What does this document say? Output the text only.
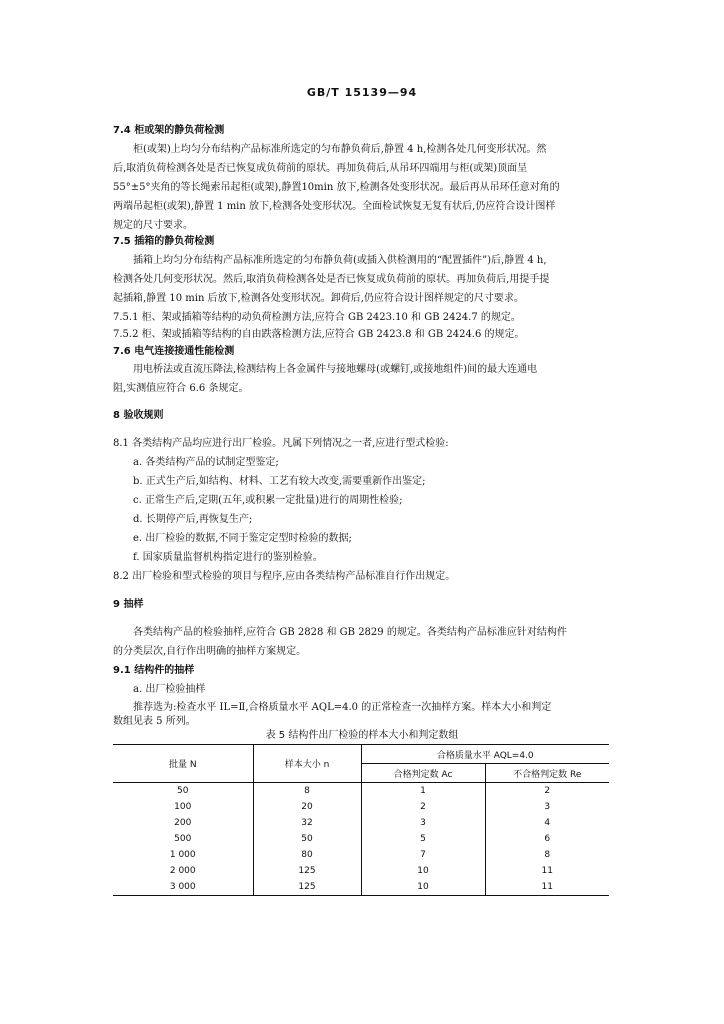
GB/T 15139—94
7.4 柜或架的静负荷检测
柜(或架)上均匀分布结构产品标准所选定的匀布静负荷后,静置 4 h,检测各处几何变形状况。然
后,取消负荷检测各处是否已恢复成负荷前的原状。再加负荷后,从吊环四端用与柜(或架)顶面呈
55°±5°夹角的等长绳索吊起柜(或架),静置10min 放下,检测各处变形状况。最后再从吊环任意对角的
两端吊起柜(或架),静置 1 min 放下,检测各处变形状况。全面检试恢复无复有状后,仍应符合设计图样
规定的尺寸要求。
7.5 插箱的静负荷检测
插箱上均匀分布结构产品标准所选定的匀布静负荷(或插入供检测用的“配置插件”)后,静置 4 h,
检测各处几何变形状况。然后,取消负荷检测各处是否已恢复成负荷前的原状。再加负荷后,用提手提
起插箱,静置 10 min 后放下,检测各处变形状况。卸荷后,仍应符合设计图样规定的尺寸要求。
7.5.1 柜、架或插箱等结构的动负荷检测方法,应符合 GB 2423.10 和 GB 2424.7 的规定。
7.5.2 柜、架或插箱等结构的自由跌落检测方法,应符合 GB 2423.8 和 GB 2424.6 的规定。
7.6 电气连接接通性能检测
用电桥法或直流压降法,检测结构上各金属件与接地螺母(或螺钉,或接地组件)间的最大连通电
阻,实测值应符合 6.6 条规定。
8 验收规则
8.1 各类结构产品均应进行出厂检验。凡属下列情况之一者,应进行型式检验:
a. 各类结构产品的试制定型鉴定;
b. 正式生产后,如结构、材料、工艺有较大改变,需要重新作出鉴定;
c. 正常生产后,定期(五年,或积累一定批量)进行的周期性检验;
d. 长期停产后,再恢复生产;
e. 出厂检验的数据,不同于鉴定定型时检验的数据;
f. 国家质量监督机构指定进行的鉴别检验。
8.2 出厂检验和型式检验的项目与程序,应由各类结构产品标准自行作出规定。
9 抽样
各类结构产品的检验抽样,应符合 GB 2828 和 GB 2829 的规定。各类结构产品标准应针对结构件
的分类层次,自行作出明确的抽样方案规定。
9.1 结构件的抽样
a. 出厂检验抽样
推荐选为:检查水平 IL=Ⅱ,合格质量水平 AQL=4.0 的正常检查一次抽样方案。样本大小和判定
数组见表 5 所列。
表 5 结构件出厂检验的样本大小和判定数组
批量 N	样本大小 n	合格质量水平 AQL=4.0	
		合格判定数 Ac	不合格判定数 Re
50	8	1	2
100	20	2	3
200	32	3	4
500	50	5	6
1 000	80	7	8
2 000	125	10	11
3 000	125	10	11
